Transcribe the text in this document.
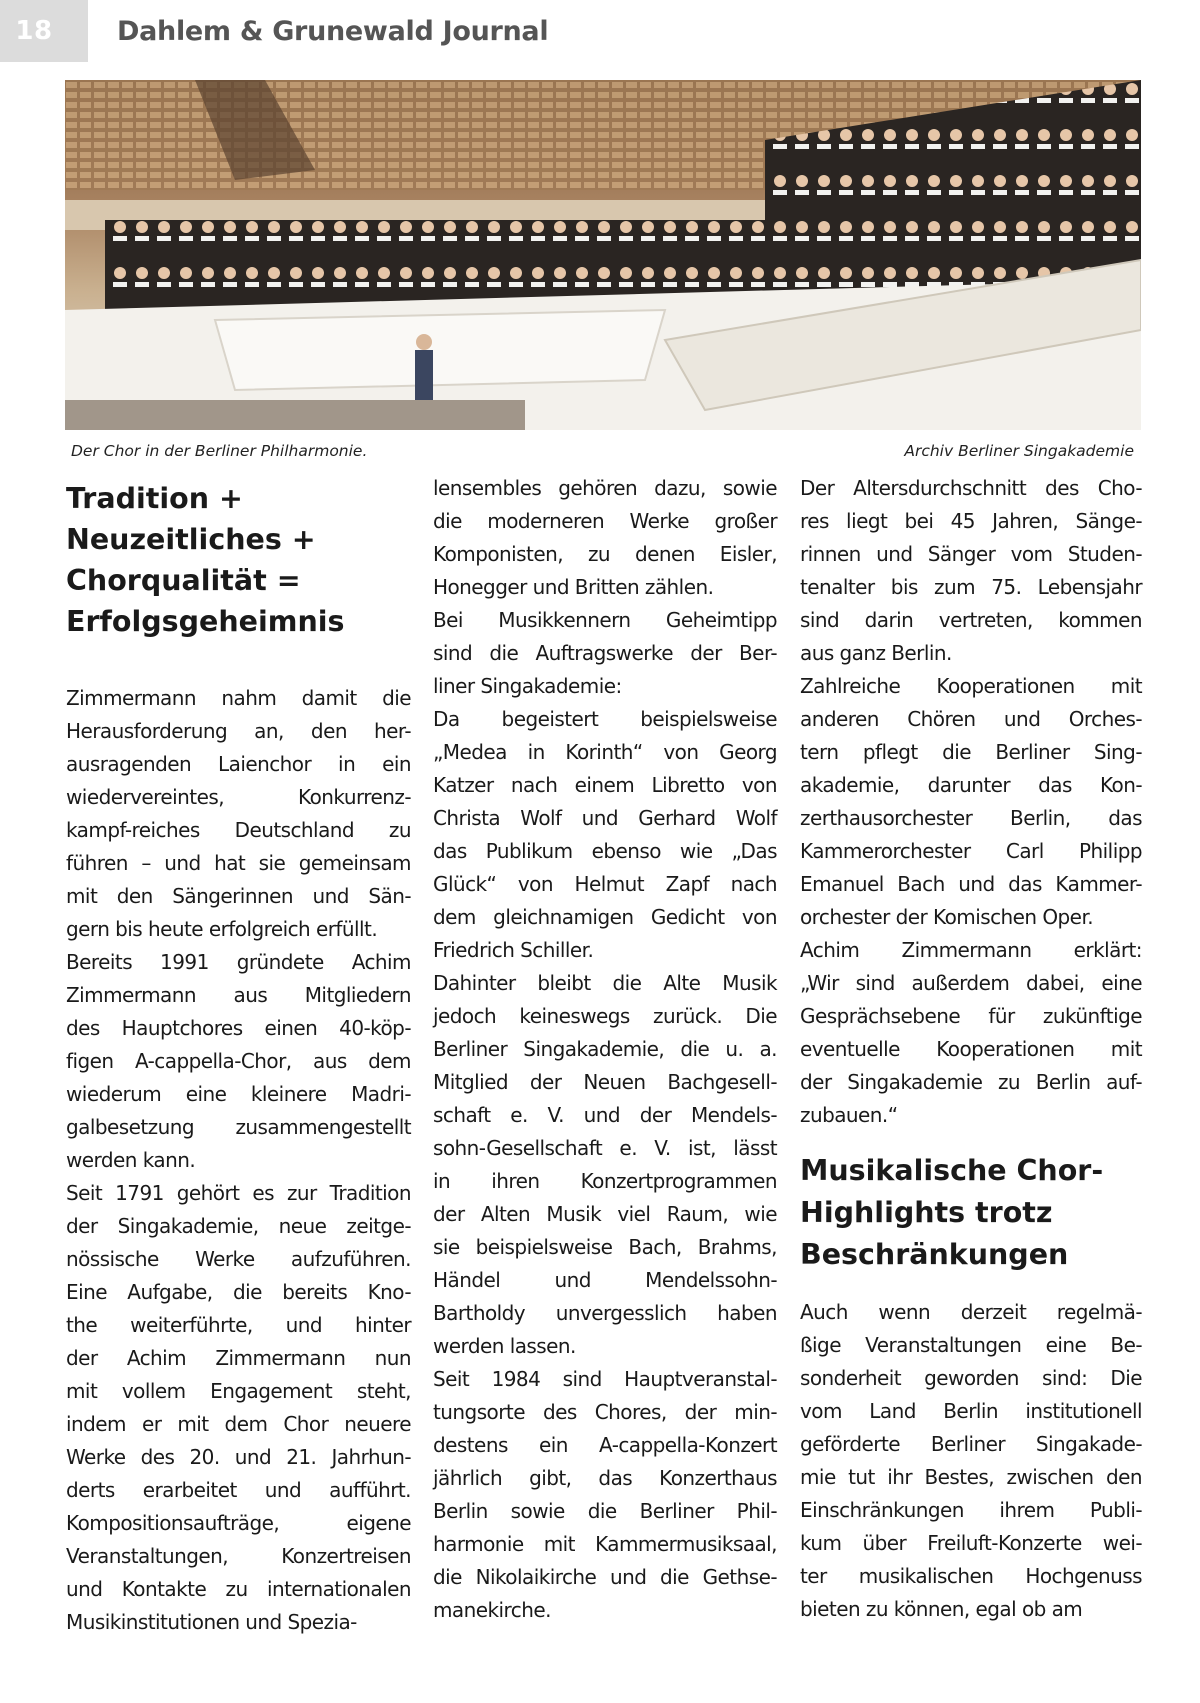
18	Dahlem & Grunewald Journal
Der Chor in der Berliner Philharmonie.	Archiv Berliner Singakademie
Tradition +
Neuzeitliches +
Chorqualität =
Erfolgsgeheimnis

Zimmermann nahm damit die
Herausforderung an, den her-
ausragenden Laienchor in ein
wiedervereintes, Konkurrenz-
kampf-reiches Deutschland zu
führen – und hat sie gemeinsam
mit den Sängerinnen und Sän-
gern bis heute erfolgreich erfüllt.

Bereits 1991 gründete Achim
Zimmermann aus Mitgliedern
des Hauptchores einen 40-köp-
figen A-cappella-Chor, aus dem
wiederum eine kleinere Madri-
galbesetzung zusammengestellt
werden kann.

Seit 1791 gehört es zur Tradition
der Singakademie, neue zeitge-
nössische Werke aufzuführen.
Eine Aufgabe, die bereits Kno-
the weiterführte, und hinter
der Achim Zimmermann nun
mit vollem Engagement steht,
indem er mit dem Chor neuere
Werke des 20. und 21. Jahrhun-
derts erarbeitet und aufführt.
Kompositionsaufträge, eigene
Veranstaltungen, Konzertreisen
und Kontakte zu internationalen
Musikinstitutionen und Spezia-

lensembles gehören dazu, sowie
die moderneren Werke großer
Komponisten, zu denen Eisler,
Honegger und Britten zählen.

Bei Musikkennern Geheimtipp
sind die Auftragswerke der Ber-
liner Singakademie:

Da begeistert beispielsweise
„Medea in Korinth“ von Georg
Katzer nach einem Libretto von
Christa Wolf und Gerhard Wolf
das Publikum ebenso wie „Das
Glück“ von Helmut Zapf nach
dem gleichnamigen Gedicht von
Friedrich Schiller.

Dahinter bleibt die Alte Musik
jedoch keineswegs zurück. Die
Berliner Singakademie, die u. a.
Mitglied der Neuen Bachgesell-
schaft e. V. und der Mendels-
sohn-Gesellschaft e. V. ist, lässt
in ihren Konzertprogrammen
der Alten Musik viel Raum, wie
sie beispielsweise Bach, Brahms,
Händel und Mendelssohn-
Bartholdy unvergesslich haben
werden lassen.

Seit 1984 sind Hauptveranstal-
tungsorte des Chores, der min-
destens ein A-cappella-Konzert
jährlich gibt, das Konzerthaus
Berlin sowie die Berliner Phil-
harmonie mit Kammermusiksaal,
die Nikolaikirche und die Gethse-
manekirche.

Der Altersdurchschnitt des Cho-
res liegt bei 45 Jahren, Sänge-
rinnen und Sänger vom Studen-
tenalter bis zum 75. Lebensjahr
sind darin vertreten, kommen
aus ganz Berlin.

Zahlreiche Kooperationen mit
anderen Chören und Orches-
tern pflegt die Berliner Sing-
akademie, darunter das Kon-
zerthausorchester Berlin, das
Kammerorchester Carl Philipp
Emanuel Bach und das Kammer-
orchester der Komischen Oper.

Achim Zimmermann erklärt:
„Wir sind außerdem dabei, eine
Gesprächsebene für zukünftige
eventuelle Kooperationen mit
der Singakademie zu Berlin auf-
zubauen.“

Musikalische Chor-
Highlights trotz
Beschränkungen

Auch wenn derzeit regelmä-
ßige Veranstaltungen eine Be-
sonderheit geworden sind: Die
vom Land Berlin institutionell
geförderte Berliner Singakade-
mie tut ihr Bestes, zwischen den
Einschränkungen ihrem Publi-
kum über Freiluft-Konzerte wei-
ter musikalischen Hochgenuss
bieten zu können, egal ob am
